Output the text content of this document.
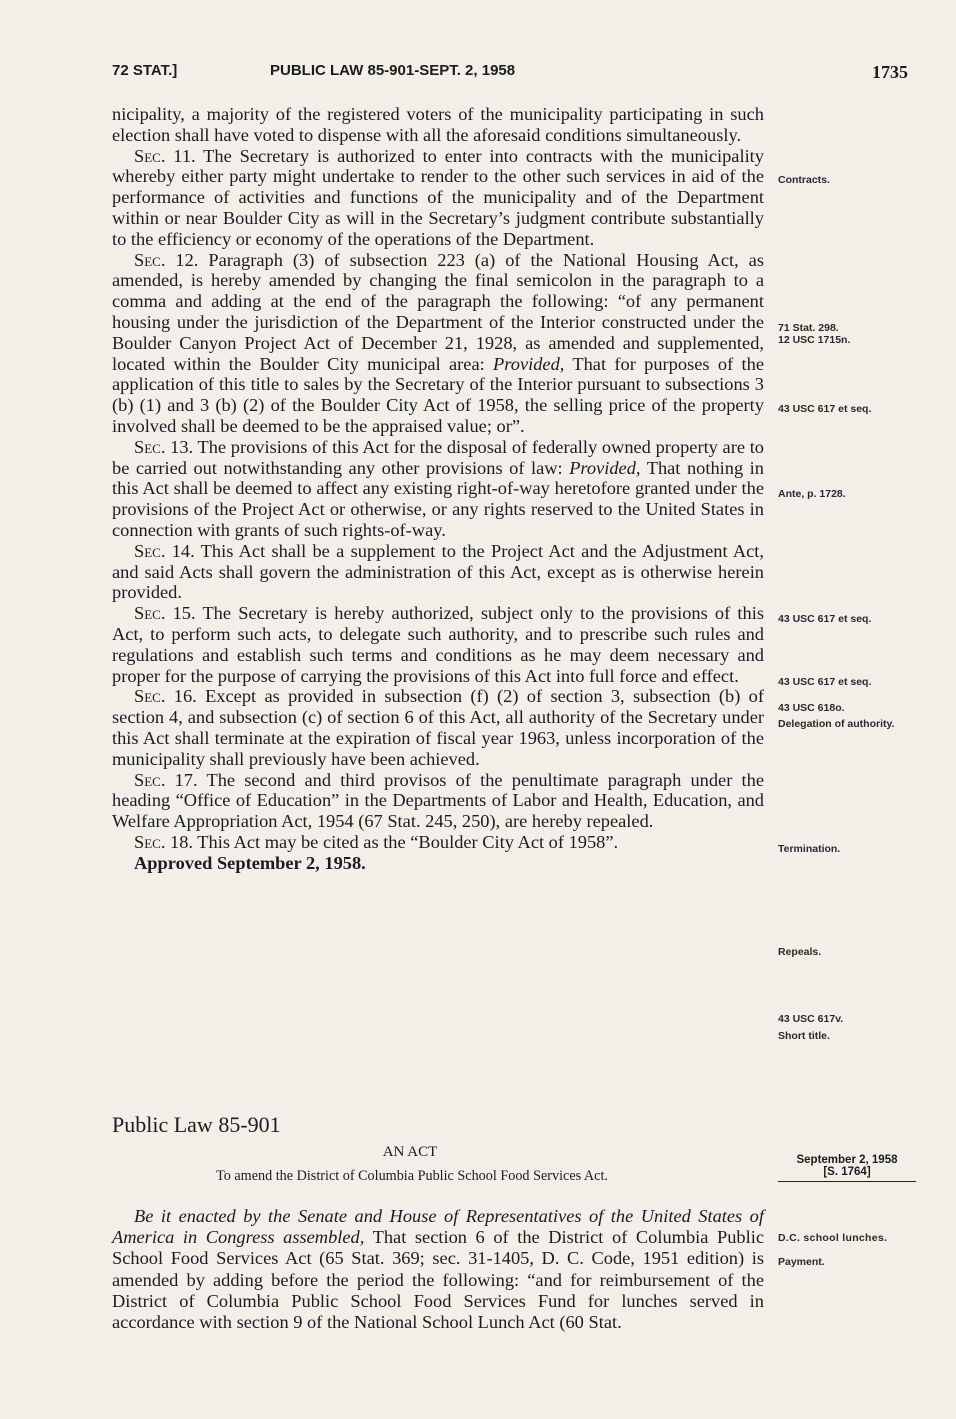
72 STAT.]	PUBLIC LAW 85-901-SEPT. 2, 1958	1735

nicipality, a majority of the registered voters of the municipality participating in such election shall have voted to dispense with all the aforesaid conditions simultaneously.

Sec. 11. The Secretary is authorized to enter into contracts with the municipality whereby either party might undertake to render to the other such services in aid of the performance of activities and functions of the municipality and of the Department within or near Boulder City as will in the Secretary’s judgment contribute substantially to the efficiency or economy of the operations of the Department.

Sec. 12. Paragraph (3) of subsection 223 (a) of the National Housing Act, as amended, is hereby amended by changing the final semicolon in the paragraph to a comma and adding at the end of the paragraph the following: “of any permanent housing under the jurisdiction of the Department of the Interior constructed under the Boulder Canyon Project Act of December 21, 1928, as amended and supplemented, located within the Boulder City municipal area: Provided, That for purposes of the application of this title to sales by the Secretary of the Interior pursuant to subsections 3 (b) (1) and 3 (b) (2) of the Boulder City Act of 1958, the selling price of the property involved shall be deemed to be the appraised value; or”.

Sec. 13. The provisions of this Act for the disposal of federally owned property are to be carried out notwithstanding any other provisions of law: Provided, That nothing in this Act shall be deemed to affect any existing right-of-way heretofore granted under the provisions of the Project Act or otherwise, or any rights reserved to the United States in connection with grants of such rights-of-way.

Sec. 14. This Act shall be a supplement to the Project Act and the Adjustment Act, and said Acts shall govern the administration of this Act, except as is otherwise herein provided.

Sec. 15. The Secretary is hereby authorized, subject only to the provisions of this Act, to perform such acts, to delegate such authority, and to prescribe such rules and regulations and establish such terms and conditions as he may deem necessary and proper for the purpose of carrying the provisions of this Act into full force and effect.

Sec. 16. Except as provided in subsection (f) (2) of section 3, subsection (b) of section 4, and subsection (c) of section 6 of this Act, all authority of the Secretary under this Act shall terminate at the expiration of fiscal year 1963, unless incorporation of the municipality shall previously have been achieved.

Sec. 17. The second and third provisos of the penultimate paragraph under the heading “Office of Education” in the Departments of Labor and Health, Education, and Welfare Appropriation Act, 1954 (67 Stat. 245, 250), are hereby repealed.

Sec. 18. This Act may be cited as the “Boulder City Act of 1958”.

Approved September 2, 1958.

Contracts.
71 Stat. 298.
12 USC 1715n.
43 USC 617 et seq.
Ante, p. 1728.
43 USC 617 et seq.
43 USC 617 et seq.
43 USC 618o.
Delegation of authority.
Termination.
Repeals.
43 USC 617v.
Short title.
Public Law 85-901
AN ACT
To amend the District of Columbia Public School Food Services Act.
September 2, 1958
[S. 1764]

Be it enacted by the Senate and House of Representatives of the United States of America in Congress assembled, That section 6 of the District of Columbia Public School Food Services Act (65 Stat. 369; sec. 31-1405, D. C. Code, 1951 edition) is amended by adding before the period the following: “and for reimbursement of the District of Columbia Public School Food Services Fund for lunches served in accordance with section 9 of the National School Lunch Act (60 Stat.

D.C. school lunches.
Payment.
